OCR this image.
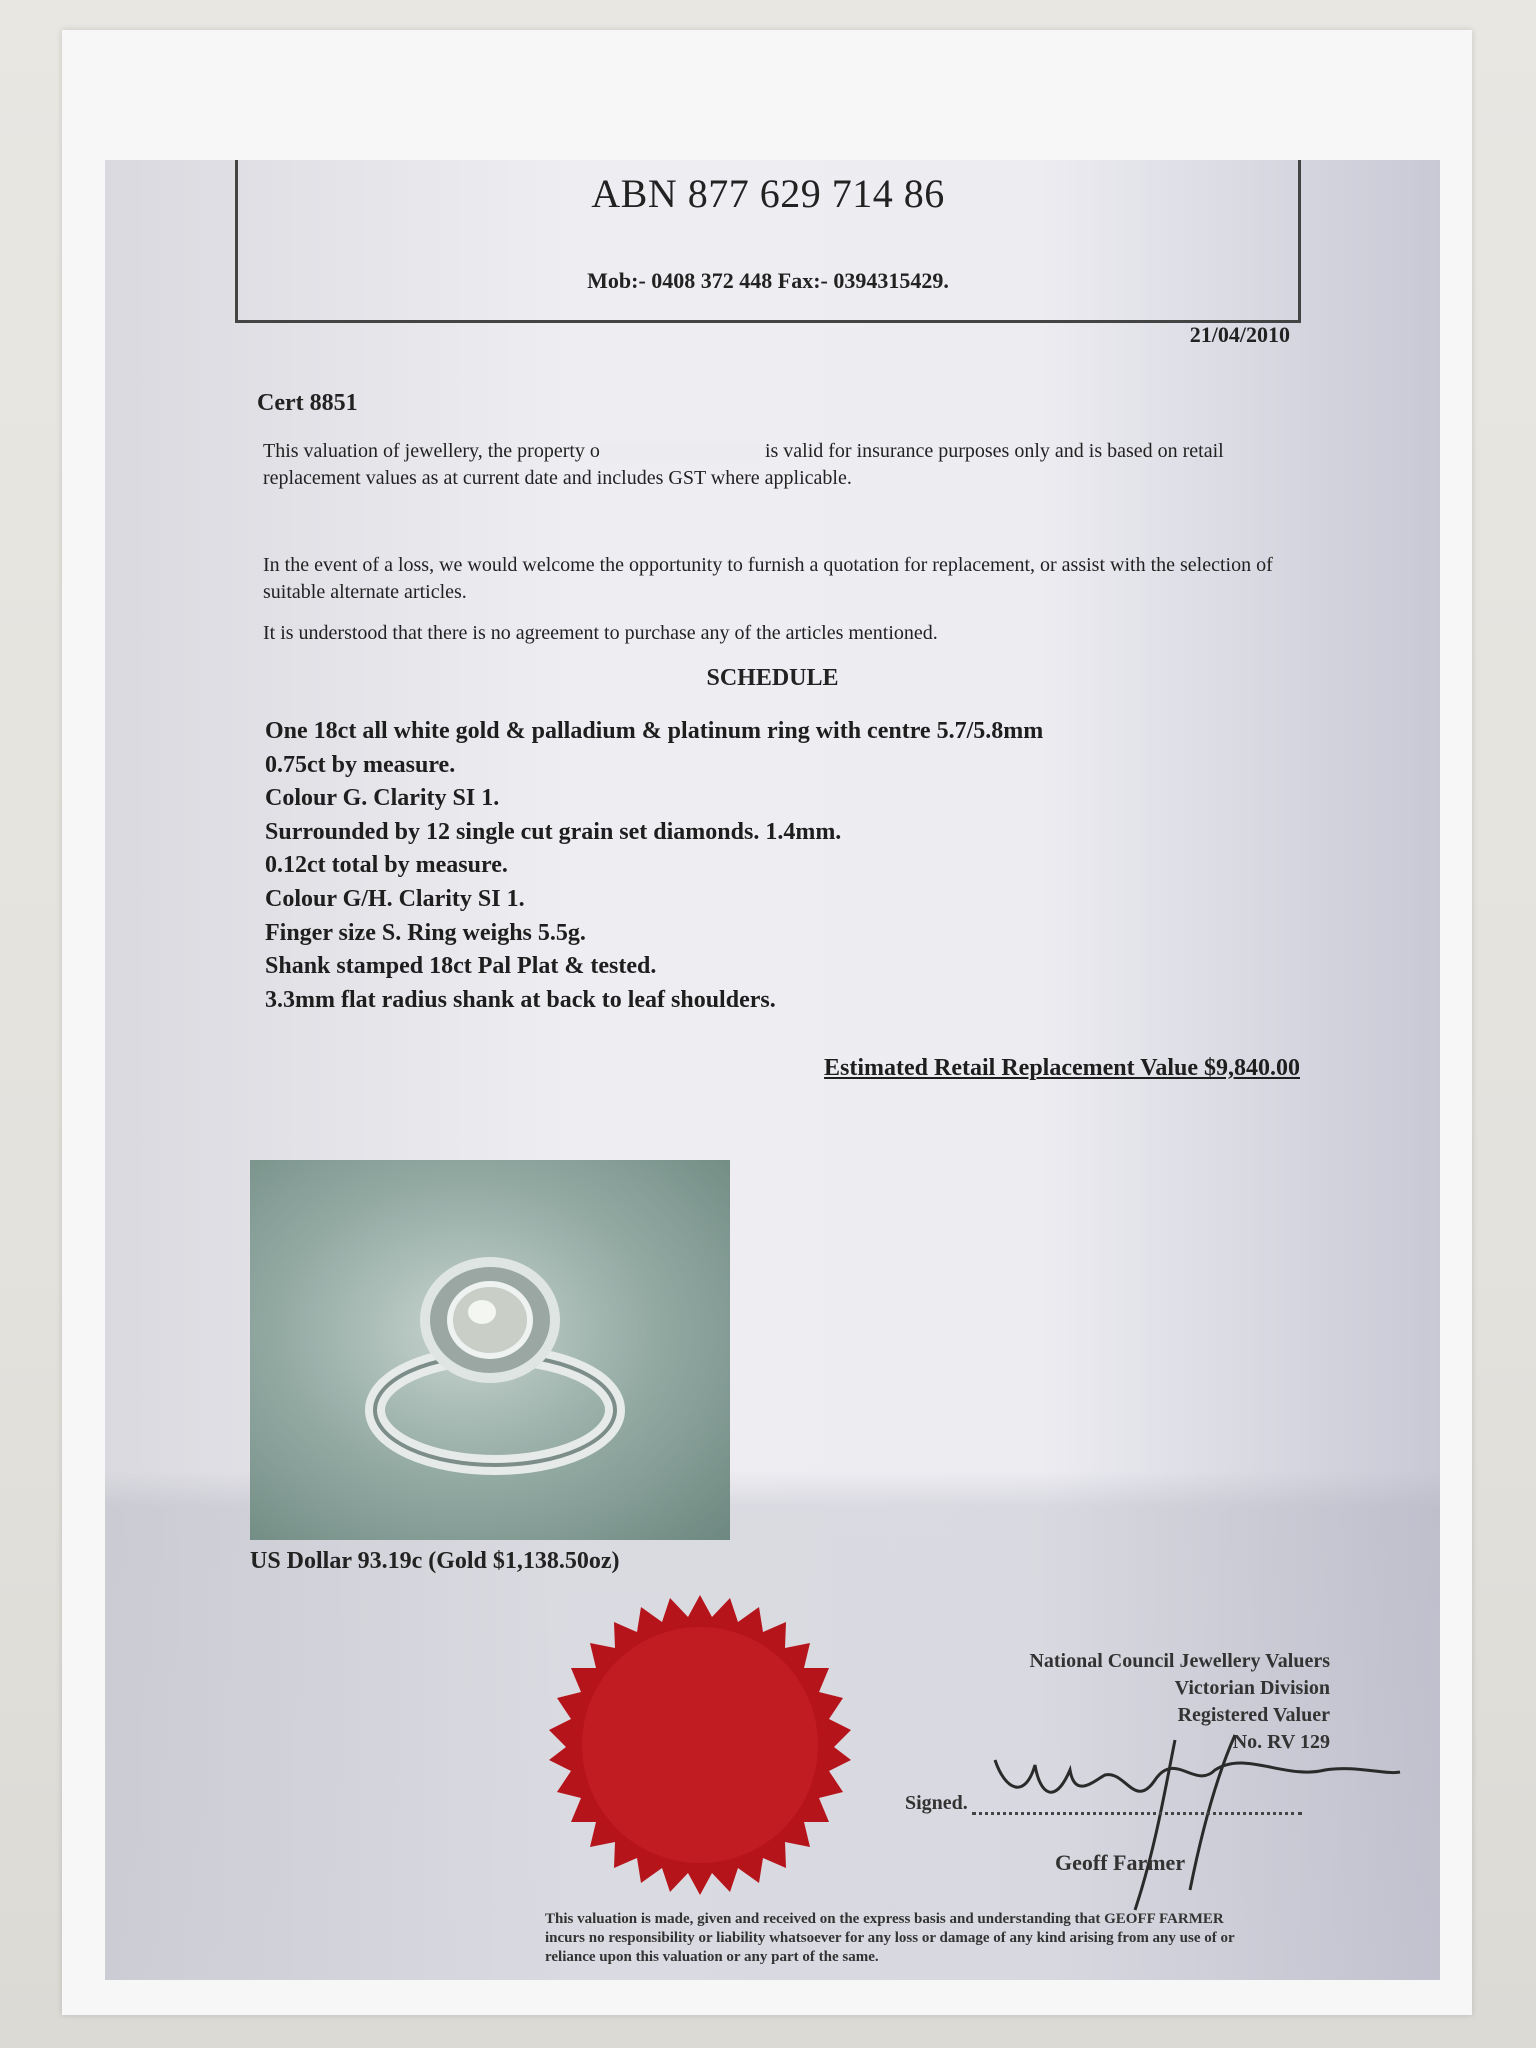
ABN 877 629 714 86
Mob:- 0408 372 448 Fax:- 0394315429.
21/04/2010
Cert 8851
This valuation of jewellery, the property o	is valid for insurance purposes only and is based on retail replacement values as at current date and includes GST where applicable.
In the event of a loss, we would welcome the opportunity to furnish a quotation for replacement, or assist with the selection of suitable alternate articles.
It is understood that there is no agreement to purchase any of the articles mentioned.
SCHEDULE
One 18ct all white gold & palladium & platinum ring with centre 5.7/5.8mm
0.75ct by measure.
Colour G. Clarity SI 1.
Surrounded by 12 single cut grain set diamonds. 1.4mm.
0.12ct total by measure.
Colour G/H. Clarity SI 1.
Finger size S. Ring weighs 5.5g.
Shank stamped 18ct Pal Plat & tested.
3.3mm flat radius shank at back to leaf shoulders.
Estimated Retail Replacement Value $9,840.00
US Dollar 93.19c (Gold $1,138.50oz)
National Council Jewellery Valuers
Victorian Division
Registered Valuer
No. RV 129
Signed.
Geoff Farmer
This valuation is made, given and received on the express basis and understanding that GEOFF FARMER incurs no responsibility or liability whatsoever for any loss or damage of any kind arising from any use of or reliance upon this valuation or any part of the same.
